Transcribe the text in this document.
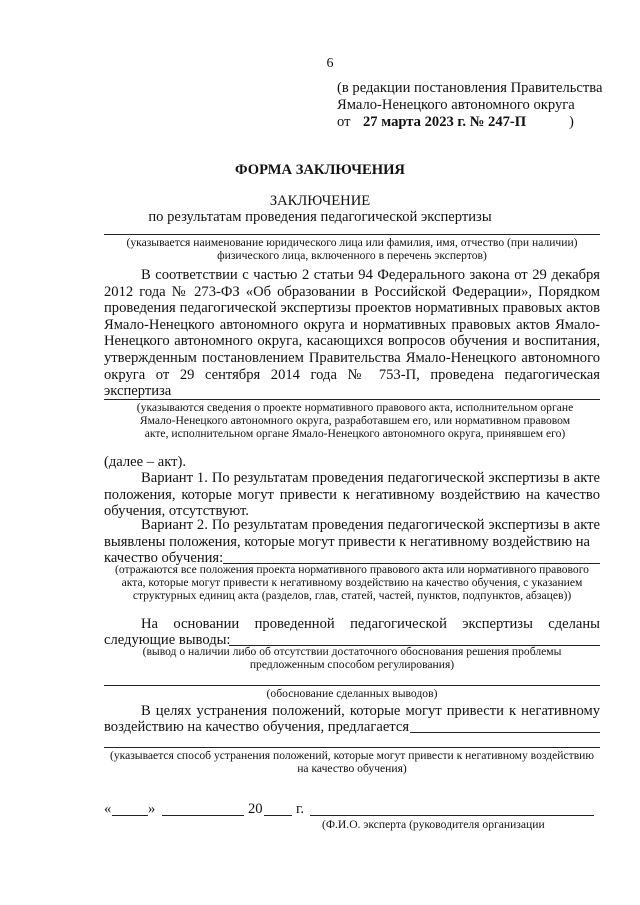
6
(в редакции постановления Правительства
Ямало-Ненецкого автономного округа
от 27 марта 2023 г. № 247-П	)
ФОРМА ЗАКЛЮЧЕНИЯ
ЗАКЛЮЧЕНИЕ
по результатам проведения педагогической экспертизы
(указывается наименование юридического лица или фамилия, имя, отчество (при наличии) физического лица, включенного в перечень экспертов)
В соответствии с частью 2 статьи 94 Федерального закона от 29 декабря 2012 года № 273-ФЗ «Об образовании в Российской Федерации», Порядком проведения педагогической экспертизы проектов нормативных правовых актов Ямало-Ненецкого автономного округа и нормативных правовых актов Ямало-Ненецкого автономного округа, касающихся вопросов обучения и воспитания, утвержденным постановлением Правительства Ямало-Ненецкого автономного округа от 29 сентября 2014 года № 753-П, проведена педагогическая экспертиза
(указываются сведения о проекте нормативного правового акта, исполнительном органе Ямало-Ненецкого автономного округа, разработавшем его, или нормативном правовом акте, исполнительном органе Ямало-Ненецкого автономного округа, принявшем его)
(далее – акт).
Вариант 1. По результатам проведения педагогической экспертизы в акте положения, которые могут привести к негативному воздействию на качество обучения, отсутствуют.
Вариант 2. По результатам проведения педагогической экспертизы в акте выявлены положения, которые могут привести к негативному воздействию на
качество обучения:
(отражаются все положения проекта нормативного правового акта или нормативного правового акта, которые могут привести к негативному воздействию на качество обучения, с указанием структурных единиц акта (разделов, глав, статей, частей, пунктов, подпунктов, абзацев))
На основании проведенной педагогической экспертизы сделаны
следующие выводы:
(вывод о наличии либо об отсутствии достаточного обоснования решения проблемы предложенным способом регулирования)
(обоснование сделанных выводов)
В целях устранения положений, которые могут привести к негативному
воздействию на качество обучения, предлагается
(указывается способ устранения положений, которые могут привести к негативному воздействию на качество обучения)
«	»	20 г.
(Ф.И.О. эксперта (руководителя организации
